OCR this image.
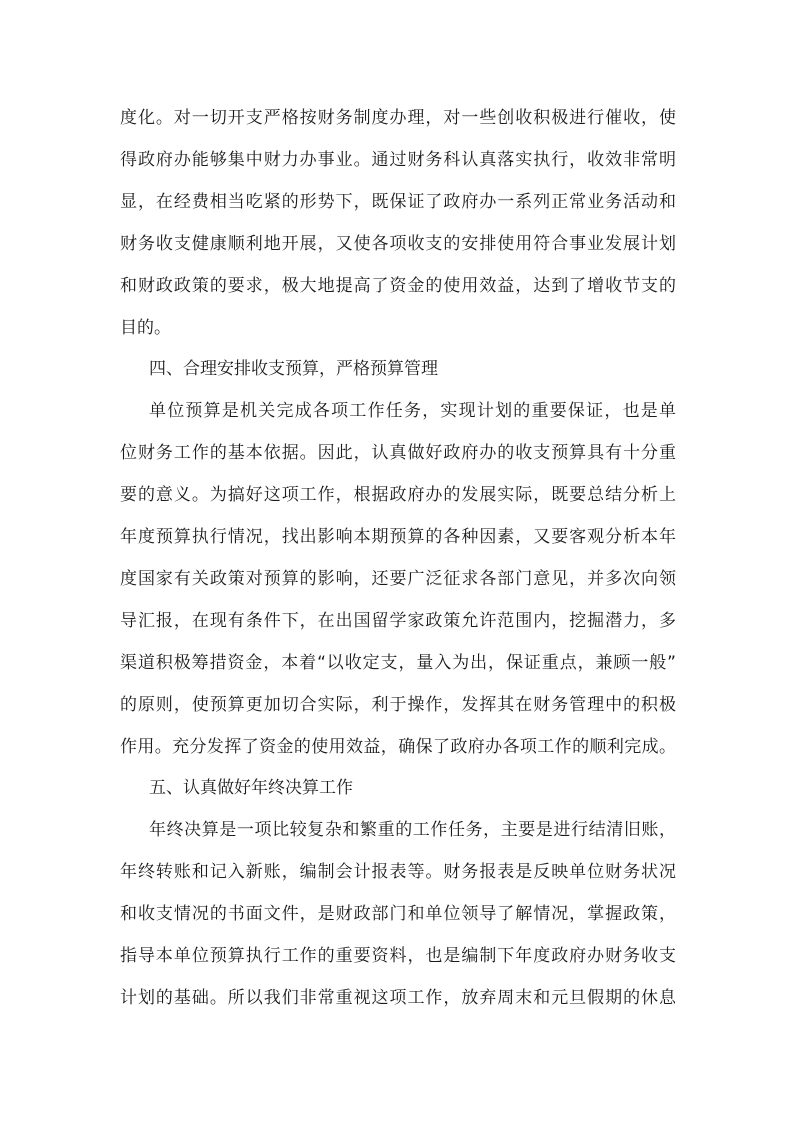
度化。对一切开支严格按财务制度办理，对一些创收积极进行催收，使
得政府办能够集中财力办事业。通过财务科认真落实执行，收效非常明
显，在经费相当吃紧的形势下，既保证了政府办一系列正常业务活动和
财务收支健康顺利地开展，又使各项收支的安排使用符合事业发展计划
和财政政策的要求，极大地提高了资金的使用效益，达到了增收节支的
目的。
四、合理安排收支预算，严格预算管理
单位预算是机关完成各项工作任务，实现计划的重要保证，也是单
位财务工作的基本依据。因此，认真做好政府办的收支预算具有十分重
要的意义。为搞好这项工作，根据政府办的发展实际，既要总结分析上
年度预算执行情况，找出影响本期预算的各种因素，又要客观分析本年
度国家有关政策对预算的影响，还要广泛征求各部门意见，并多次向领
导汇报，在现有条件下，在出国留学家政策允许范围内，挖掘潜力，多
渠道积极筹措资金，本着“以收定支，量入为出，保证重点，兼顾一般”
的原则，使预算更加切合实际，利于操作，发挥其在财务管理中的积极
作用。充分发挥了资金的使用效益，确保了政府办各项工作的顺利完成。
五、认真做好年终决算工作
年终决算是一项比较复杂和繁重的工作任务，主要是进行结清旧账，
年终转账和记入新账，编制会计报表等。财务报表是反映单位财务状况
和收支情况的书面文件，是财政部门和单位领导了解情况，掌握政策，
指导本单位预算执行工作的重要资料，也是编制下年度政府办财务收支
计划的基础。所以我们非常重视这项工作，放弃周末和元旦假期的休息
